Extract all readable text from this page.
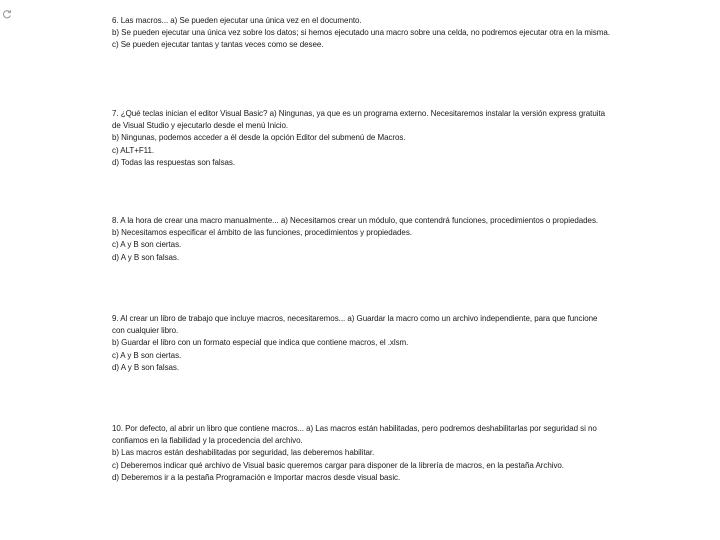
6. Las macros... a) Se pueden ejecutar una única vez en el documento.

b) Se pueden ejecutar una única vez sobre los datos; si hemos ejecutado una macro sobre una celda, no podremos ejecutar otra en la misma.

c) Se pueden ejecutar tantas y tantas veces como se desee.

7. ¿Qué teclas inician el editor Visual Basic? a) Ningunas, ya que es un programa externo. Necesitaremos instalar la versión express gratuita de Visual Studio y ejecutarlo desde el menú Inicio.

b) Ningunas, podemos acceder a él desde la opción Editor del submenú de Macros.

c) ALT+F11.

d) Todas las respuestas son falsas.

8. A la hora de crear una macro manualmente... a) Necesitamos crear un módulo, que contendrá funciones, procedimientos o propiedades.

b) Necesitamos especificar el ámbito de las funciones, procedimientos y propiedades.

c) A y B son ciertas.

d) A y B son falsas.

9. Al crear un libro de trabajo que incluye macros, necesitaremos... a) Guardar la macro como un archivo independiente, para que funcione con cualquier libro.

b) Guardar el libro con un formato especial que indica que contiene macros, el .xlsm.

c) A y B son ciertas.

d) A y B son falsas.

10. Por defecto, al abrir un libro que contiene macros... a) Las macros están habilitadas, pero podremos deshabilitarlas por seguridad si no confiamos en la fiabilidad y la procedencia del archivo.

b) Las macros están deshabilitadas por seguridad, las deberemos habilitar.

c) Deberemos indicar qué archivo de Visual basic queremos cargar para disponer de la librería de macros, en la pestaña Archivo.

d) Deberemos ir a la pestaña Programación e Importar macros desde visual basic.
